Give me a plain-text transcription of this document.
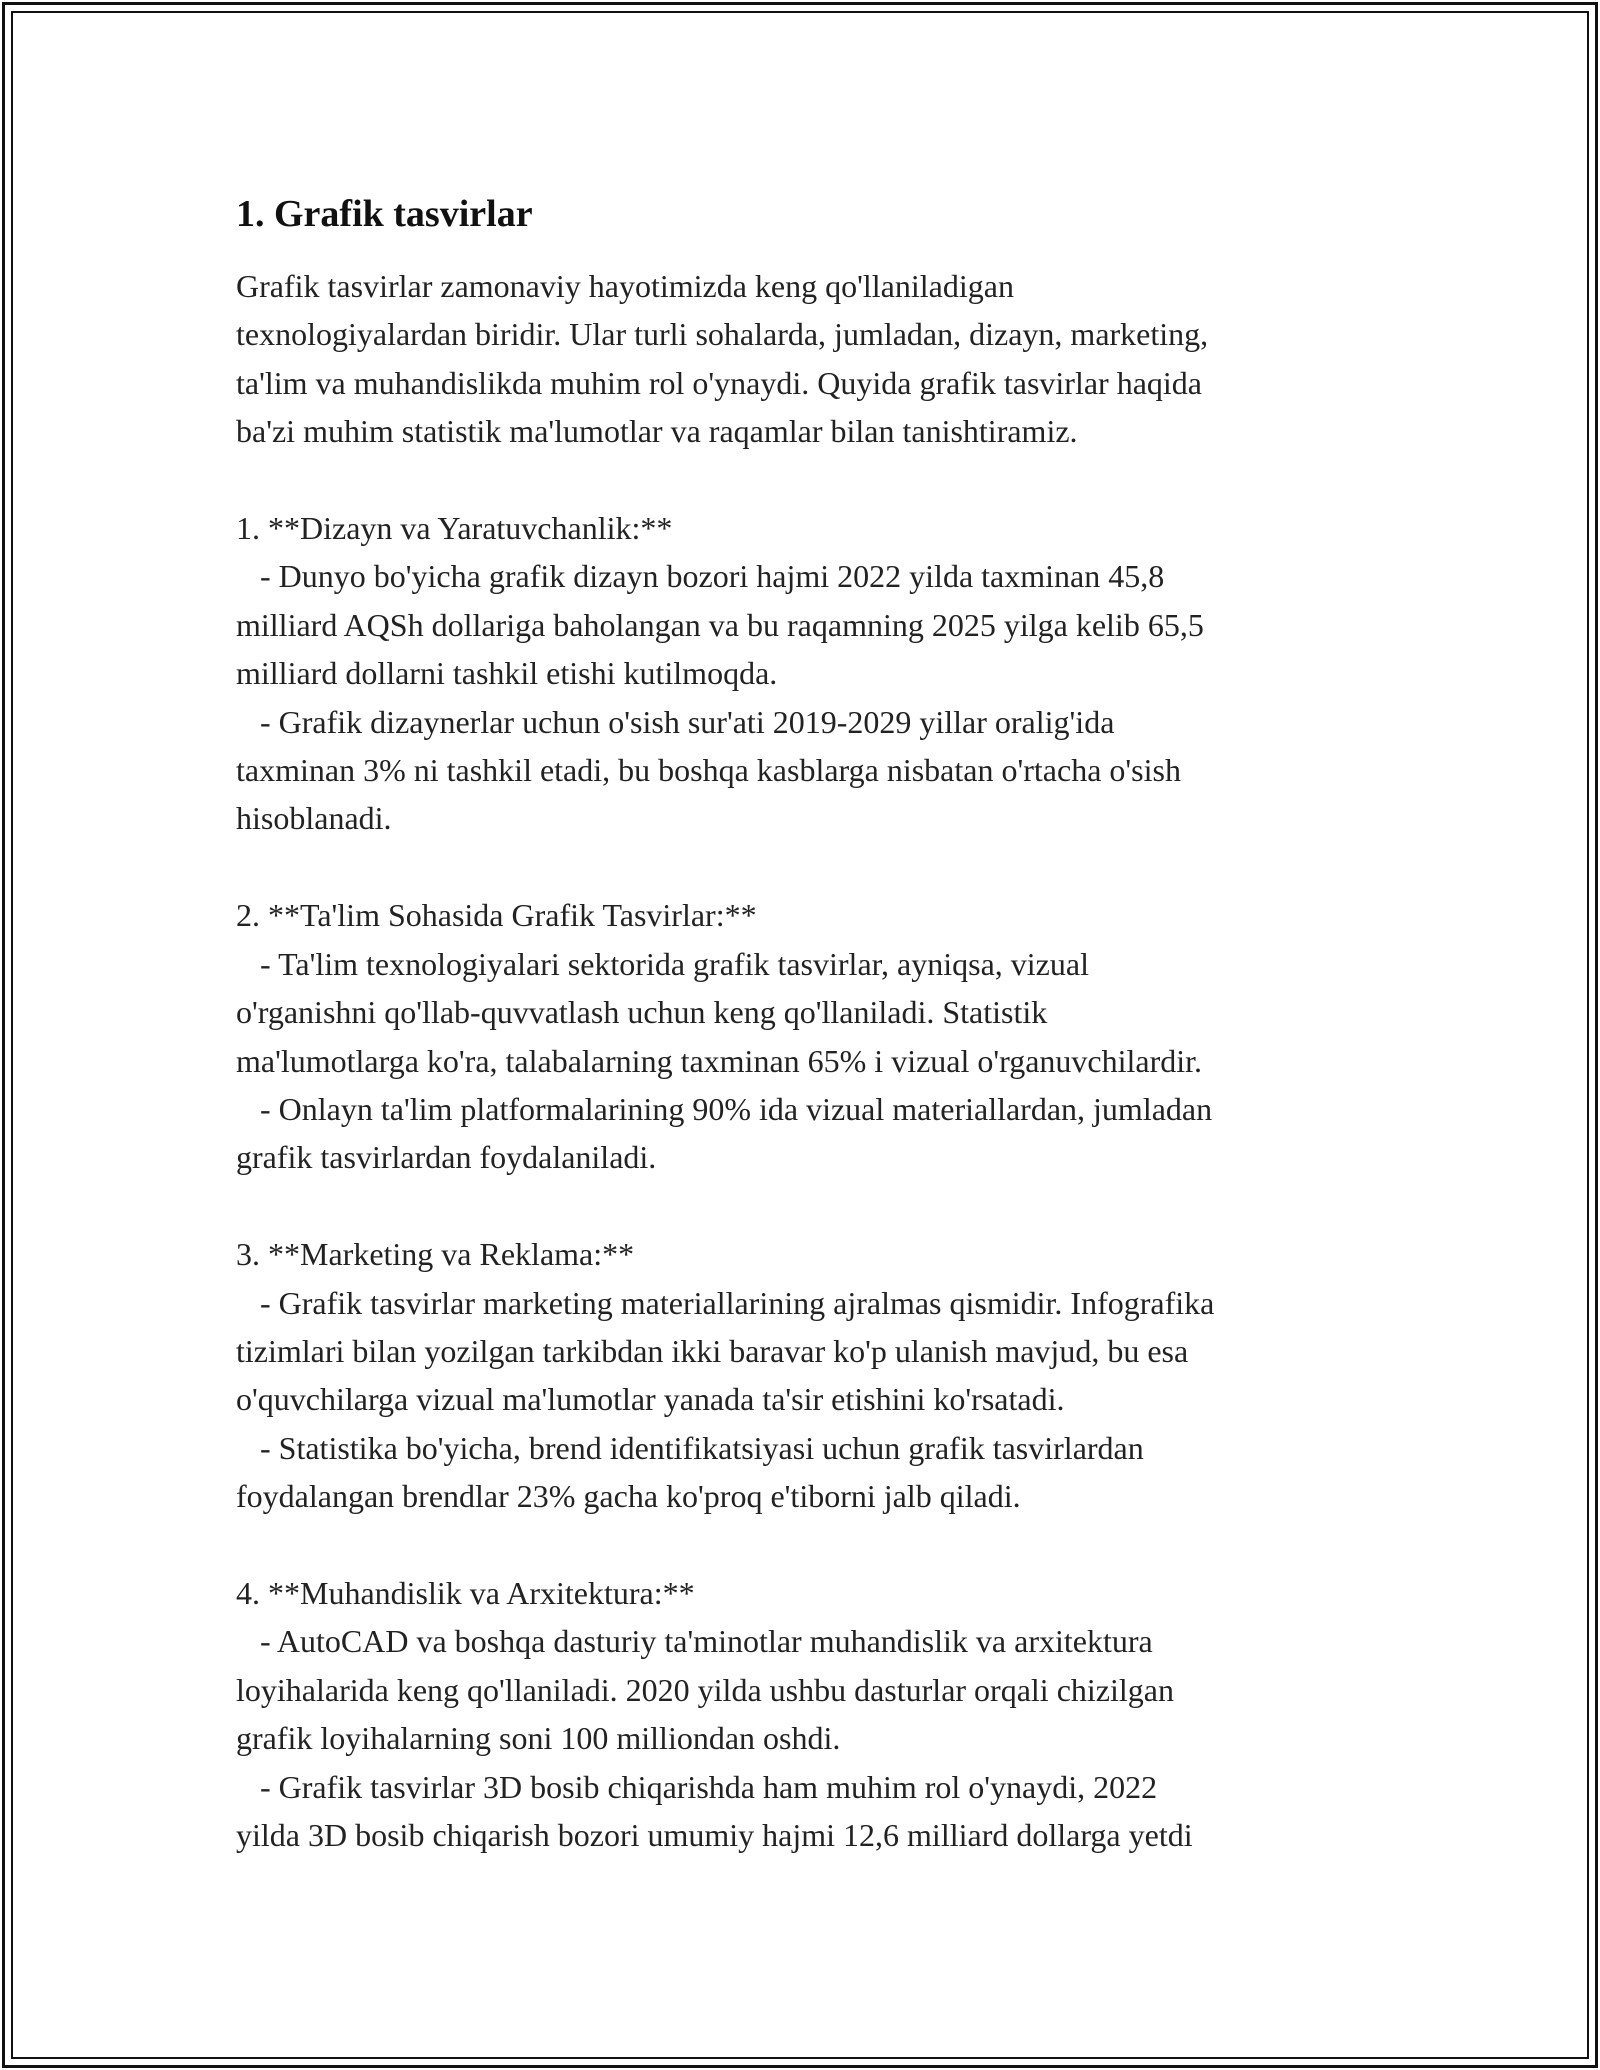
1. Grafik tasvirlar

Grafik tasvirlar zamonaviy hayotimizda keng qo'llaniladigan
texnologiyalardan biridir. Ular turli sohalarda, jumladan, dizayn, marketing,
ta'lim va muhandislikda muhim rol o'ynaydi. Quyida grafik tasvirlar haqida
ba'zi muhim statistik ma'lumotlar va raqamlar bilan tanishtiramiz.

1. **Dizayn va Yaratuvchanlik:**
- Dunyo bo'yicha grafik dizayn bozori hajmi 2022 yilda taxminan 45,8
milliard AQSh dollariga baholangan va bu raqamning 2025 yilga kelib 65,5
milliard dollarni tashkil etishi kutilmoqda.
- Grafik dizaynerlar uchun o'sish sur'ati 2019-2029 yillar oralig'ida
taxminan 3% ni tashkil etadi, bu boshqa kasblarga nisbatan o'rtacha o'sish
hisoblanadi.

2. **Ta'lim Sohasida Grafik Tasvirlar:**
- Ta'lim texnologiyalari sektorida grafik tasvirlar, ayniqsa, vizual
o'rganishni qo'llab-quvvatlash uchun keng qo'llaniladi. Statistik
ma'lumotlarga ko'ra, talabalarning taxminan 65% i vizual o'rganuvchilardir.
- Onlayn ta'lim platformalarining 90% ida vizual materiallardan, jumladan
grafik tasvirlardan foydalaniladi.

3. **Marketing va Reklama:**
- Grafik tasvirlar marketing materiallarining ajralmas qismidir. Infografika
tizimlari bilan yozilgan tarkibdan ikki baravar ko'p ulanish mavjud, bu esa
o'quvchilarga vizual ma'lumotlar yanada ta'sir etishini ko'rsatadi.
- Statistika bo'yicha, brend identifikatsiyasi uchun grafik tasvirlardan
foydalangan brendlar 23% gacha ko'proq e'tiborni jalb qiladi.

4. **Muhandislik va Arxitektura:**
- AutoCAD va boshqa dasturiy ta'minotlar muhandislik va arxitektura
loyihalarida keng qo'llaniladi. 2020 yilda ushbu dasturlar orqali chizilgan
grafik loyihalarning soni 100 milliondan oshdi.
- Grafik tasvirlar 3D bosib chiqarishda ham muhim rol o'ynaydi, 2022
yilda 3D bosib chiqarish bozori umumiy hajmi 12,6 milliard dollarga yetdi
